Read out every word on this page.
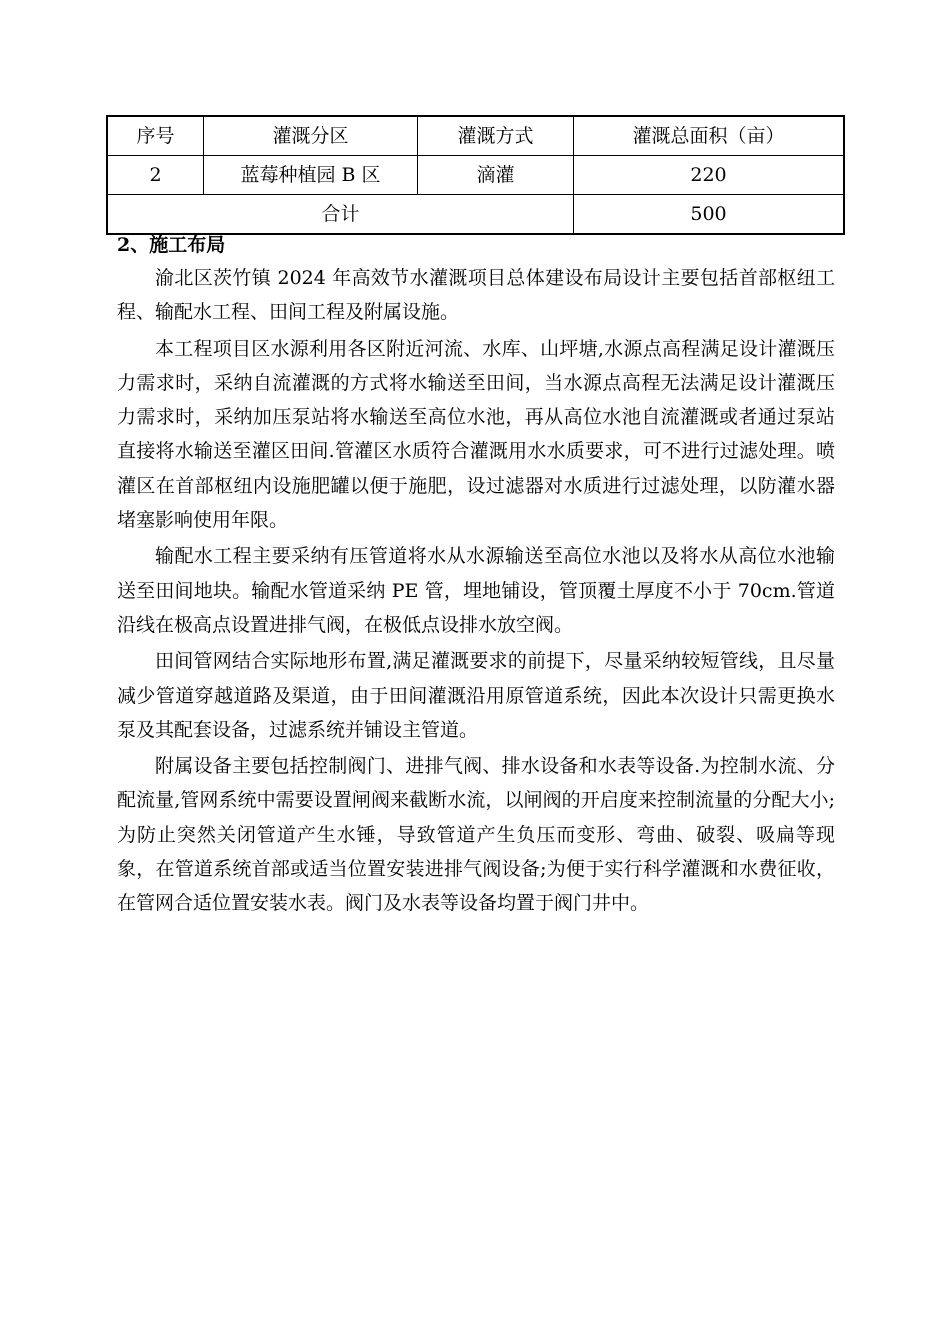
序号	灌溉分区	灌溉方式	灌溉总面积（亩）
2	蓝莓种植园 B 区	滴灌	220
合计			500
2、施工布局

渝北区茨竹镇 2024 年高效节水灌溉项目总体建设布局设计主要包括首部枢纽工程、输配水工程、田间工程及附属设施。

本工程项目区水源利用各区附近河流、水库、山坪塘,水源点高程满足设计灌溉压力需求时，采纳自流灌溉的方式将水输送至田间，当水源点高程无法满足设计灌溉压力需求时，采纳加压泵站将水输送至高位水池，再从高位水池自流灌溉或者通过泵站直接将水输送至灌区田间.管灌区水质符合灌溉用水水质要求，可不进行过滤处理。喷灌区在首部枢纽内设施肥罐以便于施肥，设过滤器对水质进行过滤处理，以防灌水器堵塞影响使用年限。

输配水工程主要采纳有压管道将水从水源输送至高位水池以及将水从高位水池输送至田间地块。输配水管道采纳 PE 管，埋地铺设，管顶覆土厚度不小于 70cm.管道沿线在极高点设置进排气阀，在极低点设排水放空阀。

田间管网结合实际地形布置,满足灌溉要求的前提下，尽量采纳较短管线，且尽量减少管道穿越道路及渠道，由于田间灌溉沿用原管道系统，因此本次设计只需更换水泵及其配套设备，过滤系统并铺设主管道。

附属设备主要包括控制阀门、进排气阀、排水设备和水表等设备.为控制水流、分配流量,管网系统中需要设置闸阀来截断水流，以闸阀的开启度来控制流量的分配大小;为防止突然关闭管道产生水锤，导致管道产生负压而变形、弯曲、破裂、吸扁等现象，在管道系统首部或适当位置安装进排气阀设备;为便于实行科学灌溉和水费征收，在管网合适位置安装水表。阀门及水表等设备均置于阀门井中。
